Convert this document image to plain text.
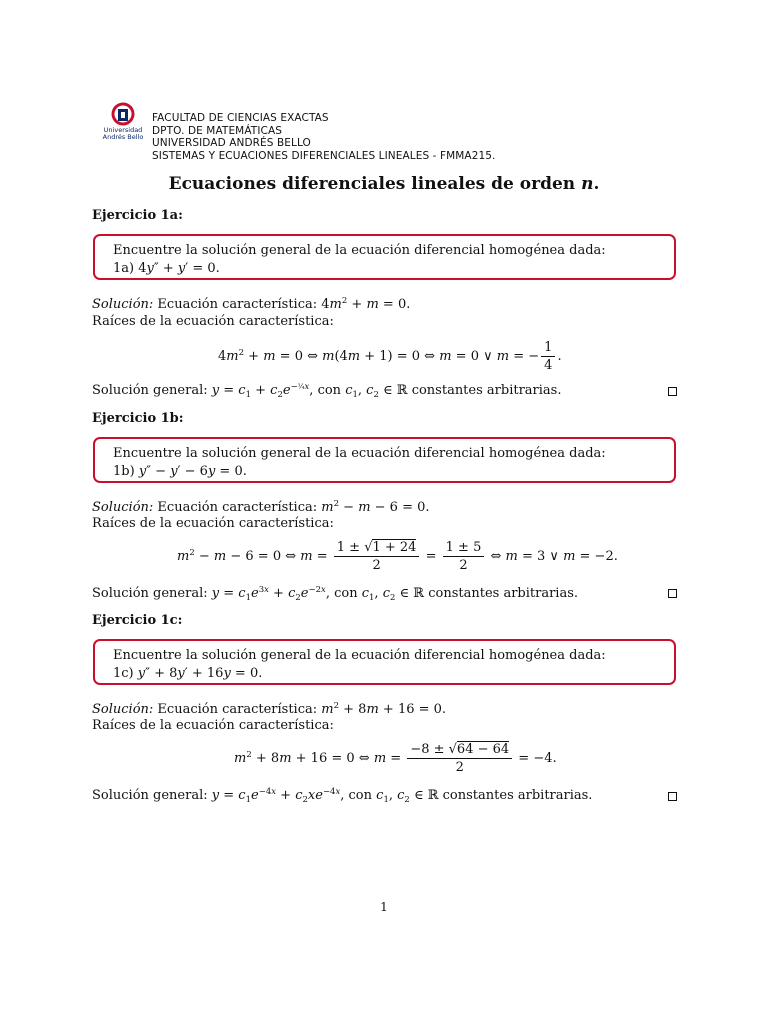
Universidad
Andrés Bello
FACULTAD DE CIENCIAS EXACTAS
DPTO. DE MATEMÁTICAS
UNIVERSIDAD ANDRÉS BELLO
SISTEMAS Y ECUACIONES DIFERENCIALES LINEALES - FMMA215.
Ecuaciones diferenciales lineales de orden n.
Ejercicio 1a:
Encuentre la solución general de la ecuación diferencial homogénea dada:
1a) 4y″ + y′ = 0.
Solución: Ecuación característica: $4m^2 + m = 0$.
Raíces de la ecuación característica:
$4m^2 + m = 0$ ⇔ m(4m + 1) = 0 ⇔ m = 0 ∨ m = − $\frac{1}{4}$ .
Solución general: $y = c_1 + c_2e^{-\frac{1}{4}x}$, con $c_1$, $c_2$ ∈ ℝ constantes arbitrarias.
Ejercicio 1b:
Encuentre la solución general de la ecuación diferencial homogénea dada:
1b) y″ − y′ − 6y = 0.
Solución: Ecuación característica: $m^2 - m - 6 = 0$.
Raíces de la ecuación característica:
$m^2 - m - 6 = 0$ ⇔ $m = \frac{1 \pm √1 + 24}{2} = \frac{1 \pm 5}{2}$ ⇔ m = 3 ∨ m = −2.
Solución general: $y = c_1e^{3x} + c_2e^{-2x}$, con $c_1$, $c_2$ ∈ ℝ constantes arbitrarias.
Ejercicio 1c:
Encuentre la solución general de la ecuación diferencial homogénea dada:
1c) y″ + 8y′ + 16y = 0.
Solución: Ecuación característica: $m^2 + 8m + 16 = 0$.
Raíces de la ecuación característica:
$m^2 + 8m + 16 = 0$ ⇔ $m = \frac{-8 \pm √64 - 64}{2} = -4$.
Solución general: $y = c_1e^{-4x} + c_2xe^{-4x}$, con $c_1$, $c_2$ ∈ ℝ constantes arbitrarias.
1
